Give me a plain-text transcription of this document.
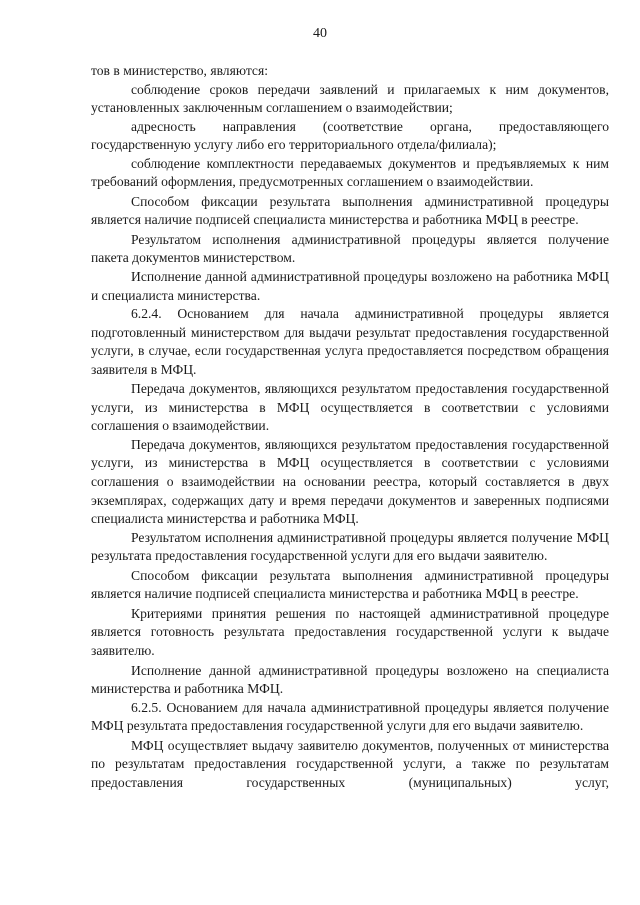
40

тов в министерство, являются:

соблюдение сроков передачи заявлений и прилагаемых к ним документов, установленных заключенным соглашением о взаимодействии;

адресность направления (соответствие органа, предоставляющего государственную услугу либо его территориального отдела/филиала);

соблюдение комплектности передаваемых документов и предъявляемых к ним требований оформления, предусмотренных соглашением о взаимодействии.

Способом фиксации результата выполнения административной процедуры является наличие подписей специалиста министерства и работника МФЦ в реестре.

Результатом исполнения административной процедуры является получение пакета документов министерством.

Исполнение данной административной процедуры возложено на работника МФЦ и специалиста министерства.

6.2.4. Основанием для начала административной процедуры является подготовленный министерством для выдачи результат предоставления государственной услуги, в случае, если государственная услуга предоставляется посредством обращения заявителя в МФЦ.

Передача документов, являющихся результатом предоставления государственной услуги, из министерства в МФЦ осуществляется в соответствии с условиями соглашения о взаимодействии.

Передача документов, являющихся результатом предоставления государственной услуги, из министерства в МФЦ осуществляется в соответствии с условиями соглашения о взаимодействии на основании реестра, который составляется в двух экземплярах, содержащих дату и время передачи документов и заверенных подписями специалиста министерства и работника МФЦ.

Результатом исполнения административной процедуры является получение МФЦ результата предоставления государственной услуги для его выдачи заявителю.

Способом фиксации результата выполнения административной процедуры является наличие подписей специалиста министерства и работника МФЦ в реестре.

Критериями принятия решения по настоящей административной процедуре является готовность результата предоставления государственной услуги к выдаче заявителю.

Исполнение данной административной процедуры возложено на специалиста министерства и работника МФЦ.

6.2.5. Основанием для начала административной процедуры является получение МФЦ результата предоставления государственной услуги для его выдачи заявителю.

МФЦ осуществляет выдачу заявителю документов, полученных от министерства по результатам предоставления государственной услуги, а также по результатам предоставления государственных (муниципальных) услуг,
